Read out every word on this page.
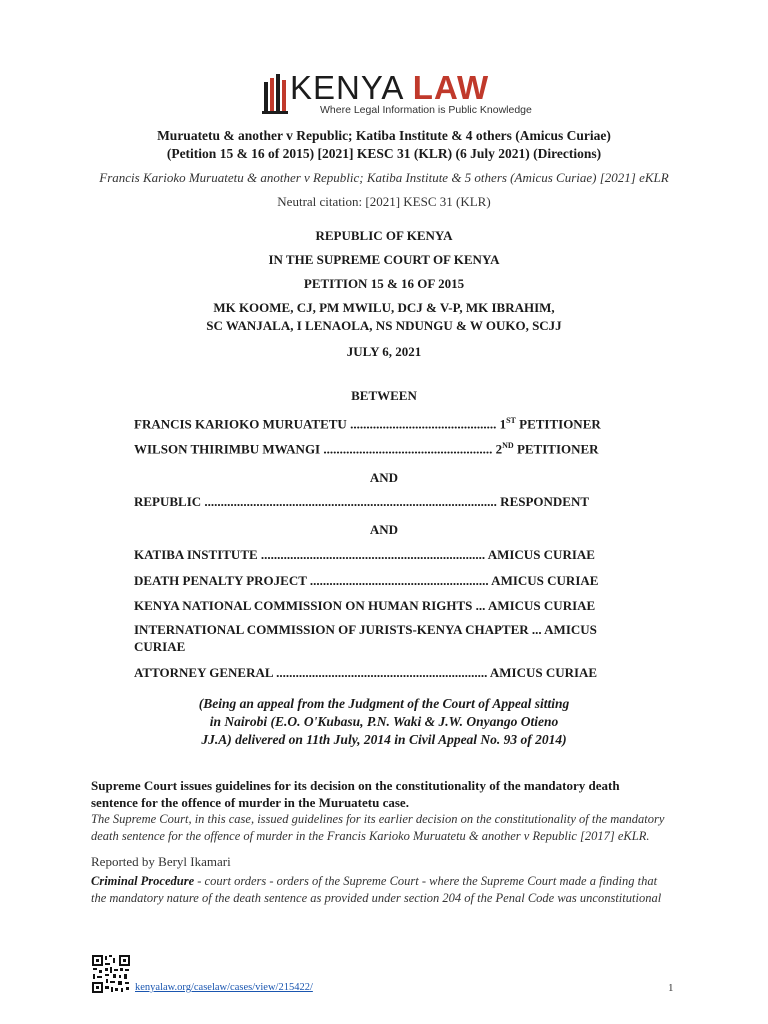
KENYA LAW
Where Legal Information is Public Knowledge
Muruatetu & another v Republic; Katiba Institute & 4 others (Amicus Curiae)
(Petition 15 & 16 of 2015) [2021] KESC 31 (KLR) (6 July 2021) (Directions)
Francis Karioko Muruatetu & another v Republic; Katiba Institute & 5 others (Amicus Curiae) [2021] eKLR
Neutral citation: [2021] KESC 31 (KLR)
REPUBLIC OF KENYA
IN THE SUPREME COURT OF KENYA
PETITION 15 & 16 OF 2015
MK KOOME, CJ, PM MWILU, DCJ & V-P, MK IBRAHIM,
SC WANJALA, I LENAOLA, NS NDUNGU & W OUKO, SCJJ
JULY 6, 2021
BETWEEN
FRANCIS KARIOKO MURUATETU ............................................. 1ST PETITIONER
WILSON THIRIMBU MWANGI .................................................... 2ND PETITIONER
AND
REPUBLIC .......................................................................................... RESPONDENT
AND
KATIBA INSTITUTE ..................................................................... AMICUS CURIAE
DEATH PENALTY PROJECT ....................................................... AMICUS CURIAE
KENYA NATIONAL COMMISSION ON HUMAN RIGHTS ... AMICUS CURIAE
INTERNATIONAL COMMISSION OF JURISTS-KENYA CHAPTER ... AMICUS
CURIAE
ATTORNEY GENERAL ................................................................. AMICUS CURIAE
(Being an appeal from the Judgment of the Court of Appeal sitting
in Nairobi (E.O. O'Kubasu, P.N. Waki & J.W. Onyango Otieno
JJ.A) delivered on 11th July, 2014 in Civil Appeal No. 93 of 2014)
Supreme Court issues guidelines for its decision on the constitutionality of the mandatory death
sentence for the offence of murder in the Muruatetu case.
The Supreme Court, in this case, issued guidelines for its earlier decision on the constitutionality of the mandatory
death sentence for the offence of murder in the Francis Karioko Muruatetu & another v Republic [2017] eKLR.
Reported by Beryl Ikamari
Criminal Procedure - court orders - orders of the Supreme Court - where the Supreme Court made a finding that
the mandatory nature of the death sentence as provided under section 204 of the Penal Code was unconstitutional
kenyalaw.org/caselaw/cases/view/215422/	1
